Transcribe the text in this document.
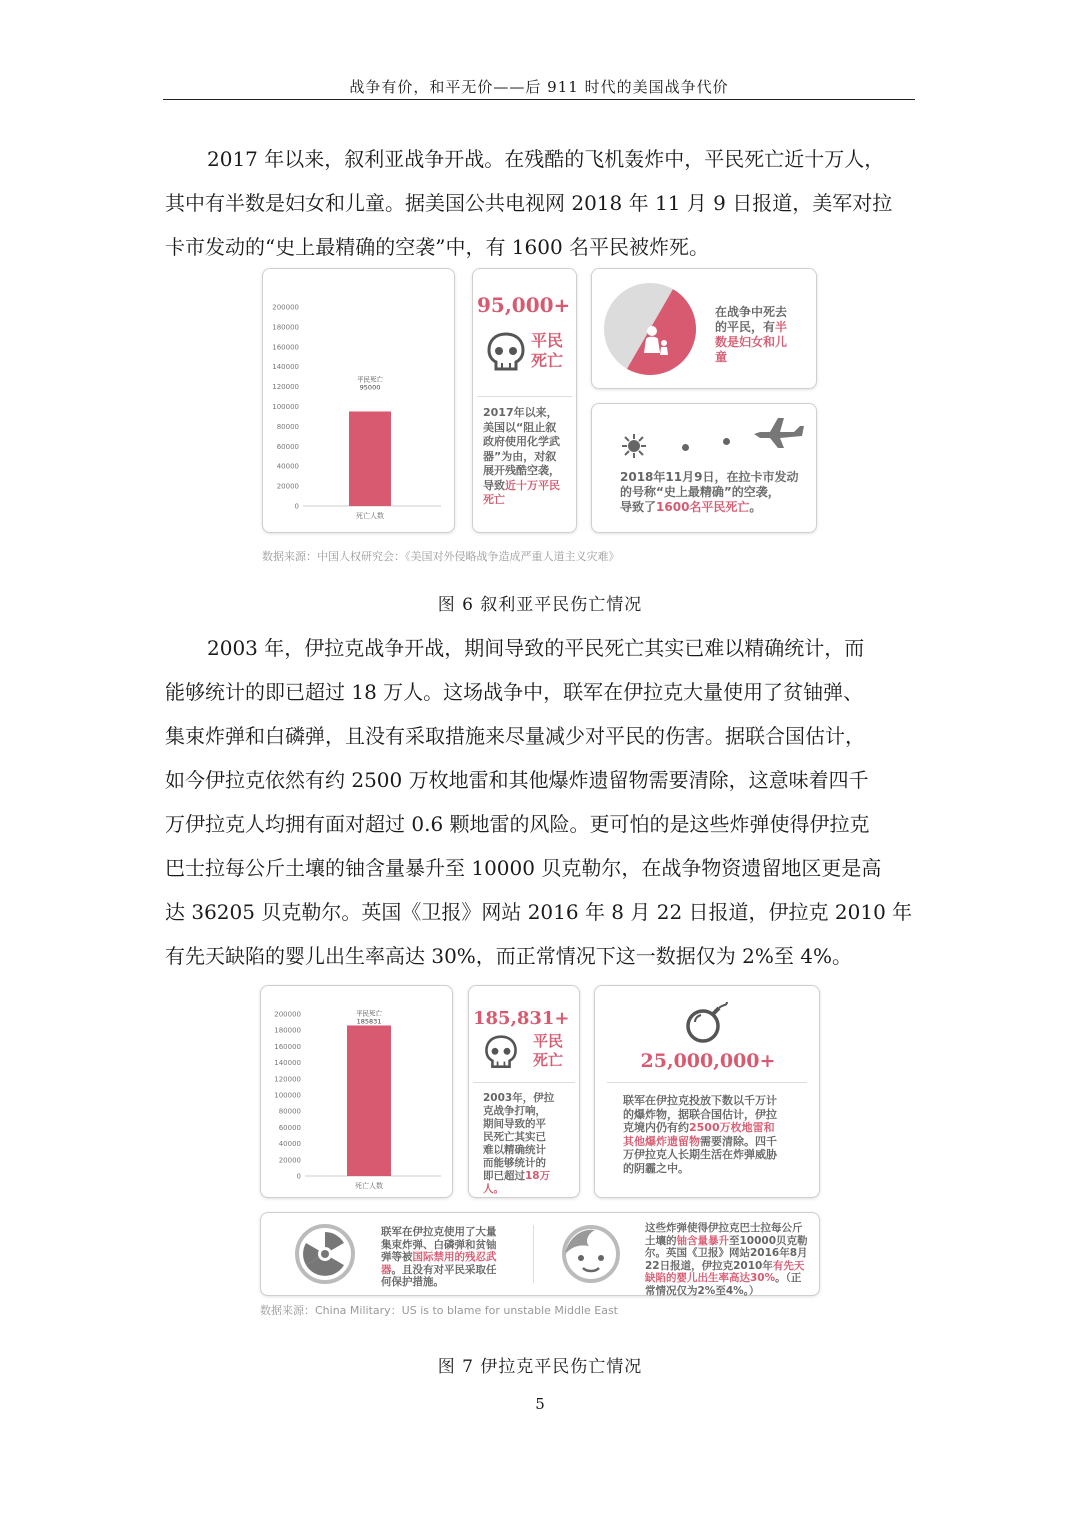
战争有价，和平无价——后 911 时代的美国战争代价

2017 年以来，叙利亚战争开战。在残酷的飞机轰炸中，平民死亡近十万人，
其中有半数是妇女和儿童。据美国公共电视网 2018 年 11 月 9 日报道，美军对拉
卡市发动的“史上最精确的空袭”中，有 1600 名平民被炸死。

0
20000
40000
60000
80000
100000
120000
140000
160000
180000
200000
平民死亡
95000
死亡人数
95,000+
平民
死亡
2017年以来，
美国以“阻止叙
政府使用化学武
器”为由，对叙
展开残酷空袭，
导致近十万平民
死亡
在战争中死去
的平民，有半
数是妇女和儿
童
2018年11月9日，在拉卡市发动
的号称“史上最精确”的空袭，
导致了1600名平民死亡。
数据来源：中国人权研究会：《美国对外侵略战争造成严重人道主义灾难》
图 6 叙利亚平民伤亡情况

2003 年，伊拉克战争开战，期间导致的平民死亡其实已难以精确统计，而
能够统计的即已超过 18 万人。这场战争中，联军在伊拉克大量使用了贫铀弹、
集束炸弹和白磷弹，且没有采取措施来尽量减少对平民的伤害。据联合国估计，
如今伊拉克依然有约 2500 万枚地雷和其他爆炸遗留物需要清除，这意味着四千
万伊拉克人均拥有面对超过 0.6 颗地雷的风险。更可怕的是这些炸弹使得伊拉克
巴士拉每公斤土壤的铀含量暴升至 10000 贝克勒尔，在战争物资遗留地区更是高
达 36205 贝克勒尔。英国《卫报》网站 2016 年 8 月 22 日报道，伊拉克 2010 年
有先天缺陷的婴儿出生率高达 30%，而正常情况下这一数据仅为 2%至 4%。

0
20000
40000
60000
80000
100000
120000
140000
160000
180000
200000	平民死亡
185831
死亡人数
185,831+
平民
死亡
2003年，伊拉
克战争打响，
期间导致的平
民死亡其实已
难以精确统计
而能够统计的
即已超过18万
人。
25,000,000+
联军在伊拉克投放下数以千万计
的爆炸物，据联合国估计，伊拉
克境内仍有约2500万枚地雷和
其他爆炸遗留物需要清除。四千
万伊拉克人长期生活在炸弹威胁
的阴霾之中。
联军在伊拉克使用了大量
集束炸弹、白磷弹和贫铀
弹等被国际禁用的残忍武
器。且没有对平民采取任
何保护措施。
这些炸弹使得伊拉克巴士拉每公斤
土壤的铀含量暴升至10000贝克勒
尔。英国《卫报》网站2016年8月
22日报道，伊拉克2010年有先天
缺陷的婴儿出生率高达30%。（正
常情况仅为2%至4%。）
数据来源：China Military：US is to blame for unstable Middle East
图 7 伊拉克平民伤亡情况
5
